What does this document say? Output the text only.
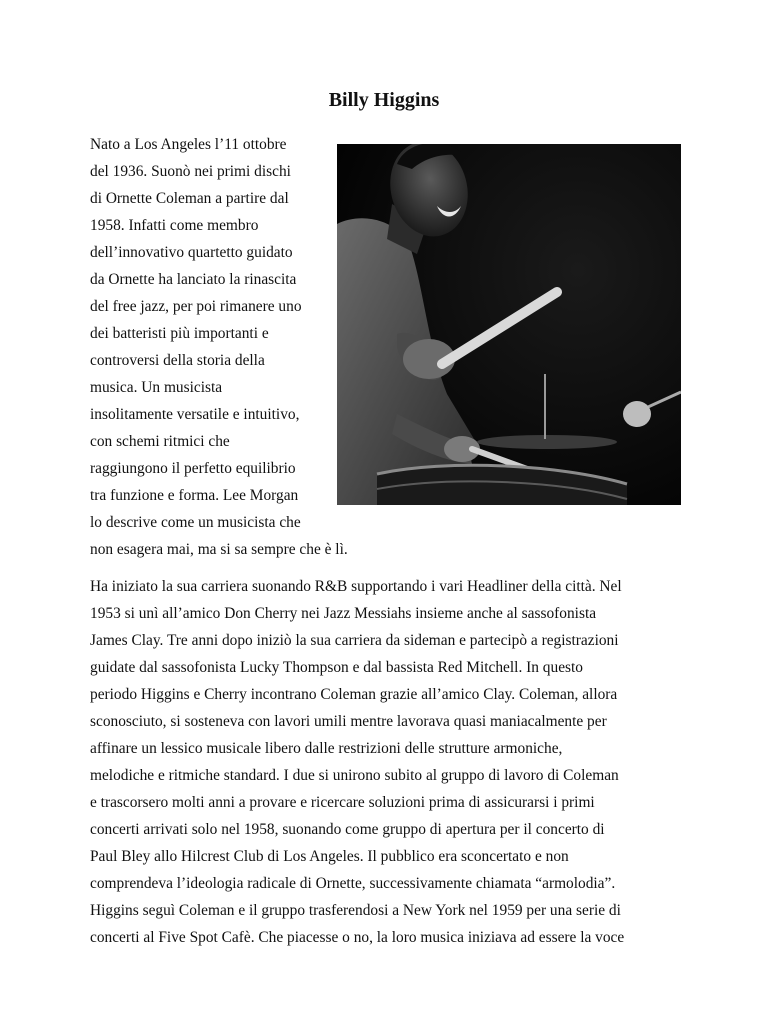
Billy Higgins
Nato a Los Angeles l’11 ottobre
del 1936. Suonò nei primi dischi
di Ornette Coleman a partire dal
1958. Infatti come membro
dell’innovativo quartetto guidato
da Ornette ha lanciato la rinascita
del free jazz, per poi rimanere uno
dei batteristi più importanti e
controversi della storia della
musica. Un musicista
insolitamente versatile e intuitivo,
con schemi ritmici che
raggiungono il perfetto equilibrio
tra funzione e forma. Lee Morgan
lo descrive come un musicista che
non esagera mai, ma si sa sempre che è lì.
Ha iniziato la sua carriera suonando R&B supportando i vari Headliner della città. Nel
1953 si unì all’amico Don Cherry nei Jazz Messiahs insieme anche al sassofonista
James Clay. Tre anni dopo iniziò la sua carriera da sideman e partecipò a registrazioni
guidate dal sassofonista Lucky Thompson e dal bassista Red Mitchell. In questo
periodo Higgins e Cherry incontrano Coleman grazie all’amico Clay. Coleman, allora
sconosciuto, si sosteneva con lavori umili mentre lavorava quasi maniacalmente per
affinare un lessico musicale libero dalle restrizioni delle strutture armoniche,
melodiche e ritmiche standard. I due si unirono subito al gruppo di lavoro di Coleman
e trascorsero molti anni a provare e ricercare soluzioni prima di assicurarsi i primi
concerti arrivati solo nel 1958, suonando come gruppo di apertura per il concerto di
Paul Bley allo Hilcrest Club di Los Angeles. Il pubblico era sconcertato e non
comprendeva l’ideologia radicale di Ornette, successivamente chiamata “armolodia”.
Higgins seguì Coleman e il gruppo trasferendosi a New York nel 1959 per una serie di
concerti al Five Spot Cafè. Che piacesse o no, la loro musica iniziava ad essere la voce
